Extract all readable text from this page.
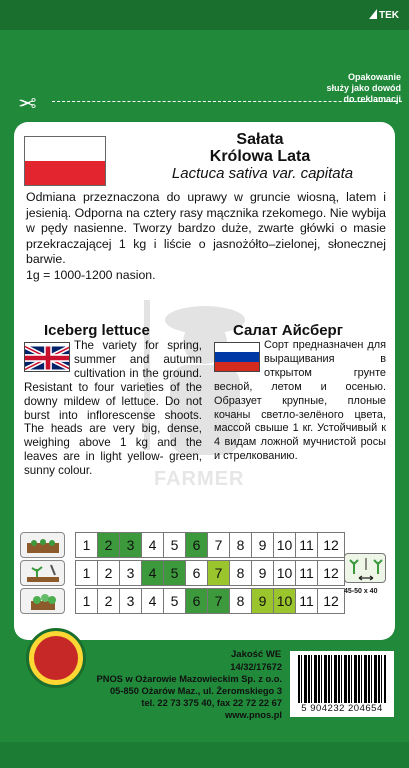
TEK
Opakowanie
służy jako dowód
do reklamacji
✂
Sałata
Królowa Lata
Lactuca sativa var. capitata
Odmiana przeznaczona do uprawy w gruncie wiosną, latem i jesienią. Odporna na cztery rasy mącznika rzekomego. Nie wybija w pędy nasienne. Tworzy bardzo duże, zwarte główki o masie przekraczającej 1 kg i liście o jasnożółto–zielonej, słonecznej barwie.
1g = 1000-1200 nasion.
FARMER
Iceberg lettuce	Салат Айсберг
The variety for spring, summer and autumn cultivation in the ground. Resistant to four varieties of the downy mildew of lettuce. Do not burst into inflorescense shoots. The heads are very big, dense, weighing above 1 kg and the leaves are in light yellow- green, sunny colour.
Сорт предназначен для выращивания в открытом грунте весной, летом и осенью. Образует крупные, плоные кочаны светло-зелёного цвета, массой свыше 1 кг. Устойчивый к 4 видам ложной мучнистой росы и стрелкованию.
1	2	3	4	5	6	7	8	9 10 11 12
1	2	3	4	5	6	7	8	9 10 11 12
1	2	3	4	5	6	7	8	9 10 11 12
45-50 x 40
Jakość WE
14/32/17672
PNOS w Ożarowie Mazowieckim Sp. z o.o.
05-850 Ożarów Maz., ul. Żeromskiego 3
tel. 22 73 375 40, fax 22 72 22 67
www.pnos.pl
5 904232 204654
